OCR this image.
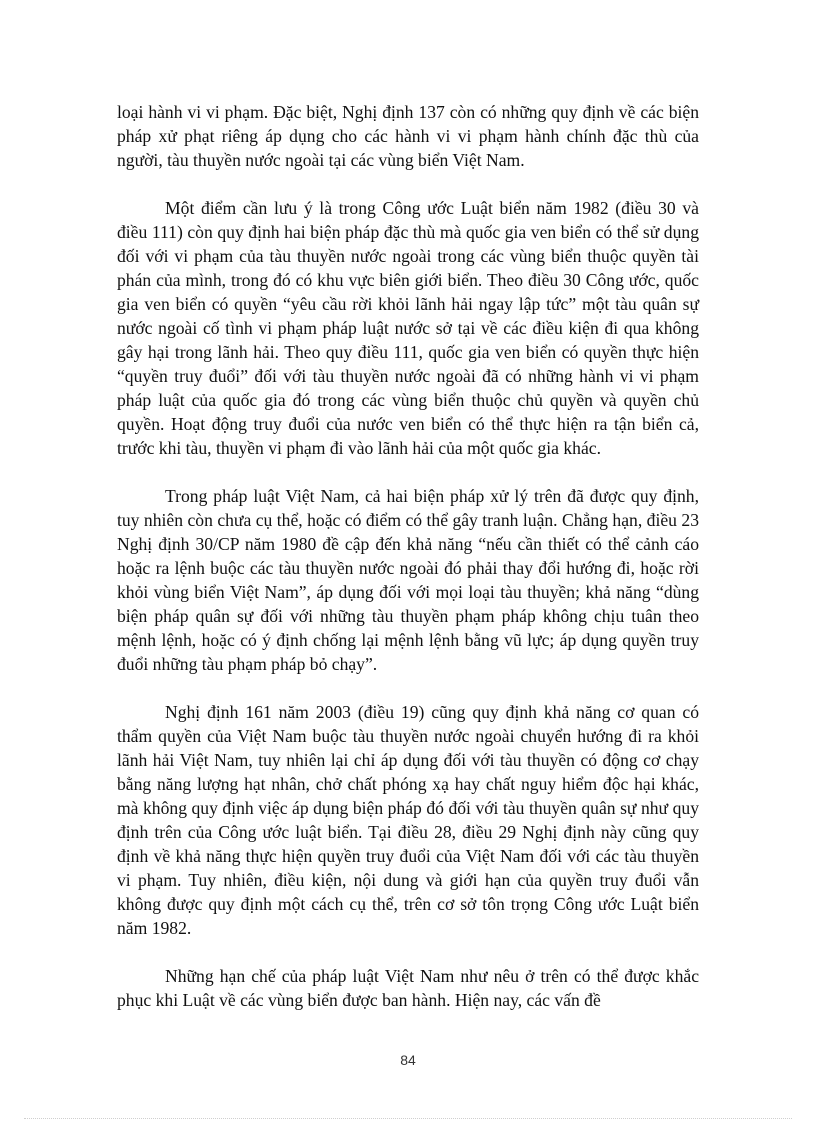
loại hành vi vi phạm. Đặc biệt, Nghị định 137 còn có những quy định về các biện pháp xử phạt riêng áp dụng cho các hành vi vi phạm hành chính đặc thù của người, tàu thuyền nước ngoài tại các vùng biển Việt Nam.

Một điểm cần lưu ý là trong Công ước Luật biển năm 1982 (điều 30 và điều 111) còn quy định hai biện pháp đặc thù mà quốc gia ven biển có thể sử dụng đối với vi phạm của tàu thuyền nước ngoài trong các vùng biển thuộc quyền tài phán của mình, trong đó có khu vực biên giới biển. Theo điều 30 Công ước, quốc gia ven biển có quyền “yêu cầu rời khỏi lãnh hải ngay lập tức” một tàu quân sự nước ngoài cố tình vi phạm pháp luật nước sở tại về các điều kiện đi qua không gây hại trong lãnh hải. Theo quy điều 111, quốc gia ven biển có quyền thực hiện “quyền truy đuổi” đối với tàu thuyền nước ngoài đã có những hành vi vi phạm pháp luật của quốc gia đó trong các vùng biển thuộc chủ quyền và quyền chủ quyền. Hoạt động truy đuổi của nước ven biển có thể thực hiện ra tận biển cả, trước khi tàu, thuyền vi phạm đi vào lãnh hải của một quốc gia khác.

Trong pháp luật Việt Nam, cả hai biện pháp xử lý trên đã được quy định, tuy nhiên còn chưa cụ thể, hoặc có điểm có thể gây tranh luận. Chẳng hạn, điều 23 Nghị định 30/CP năm 1980 đề cập đến khả năng “nếu cần thiết có thể cảnh cáo hoặc ra lệnh buộc các tàu thuyền nước ngoài đó phải thay đổi hướng đi, hoặc rời khỏi vùng biển Việt Nam”, áp dụng đối với mọi loại tàu thuyền; khả năng “dùng biện pháp quân sự đối với những tàu thuyền phạm pháp không chịu tuân theo mệnh lệnh, hoặc có ý định chống lại mệnh lệnh bằng vũ lực; áp dụng quyền truy đuổi những tàu phạm pháp bỏ chạy”.

Nghị định 161 năm 2003 (điều 19) cũng quy định khả năng cơ quan có thẩm quyền của Việt Nam buộc tàu thuyền nước ngoài chuyển hướng đi ra khỏi lãnh hải Việt Nam, tuy nhiên lại chỉ áp dụng đối với tàu thuyền có động cơ chạy bằng năng lượng hạt nhân, chở chất phóng xạ hay chất nguy hiểm độc hại khác, mà không quy định việc áp dụng biện pháp đó đối với tàu thuyền quân sự như quy định trên của Công ước luật biển. Tại điều 28, điều 29 Nghị định này cũng quy định về khả năng thực hiện quyền truy đuổi của Việt Nam đối với các tàu thuyền vi phạm. Tuy nhiên, điều kiện, nội dung và giới hạn của quyền truy đuổi vẫn không được quy định một cách cụ thể, trên cơ sở tôn trọng Công ước Luật biển năm 1982.

Những hạn chế của pháp luật Việt Nam như nêu ở trên có thể được khắc phục khi Luật về các vùng biển được ban hành. Hiện nay, các vấn đề

84
